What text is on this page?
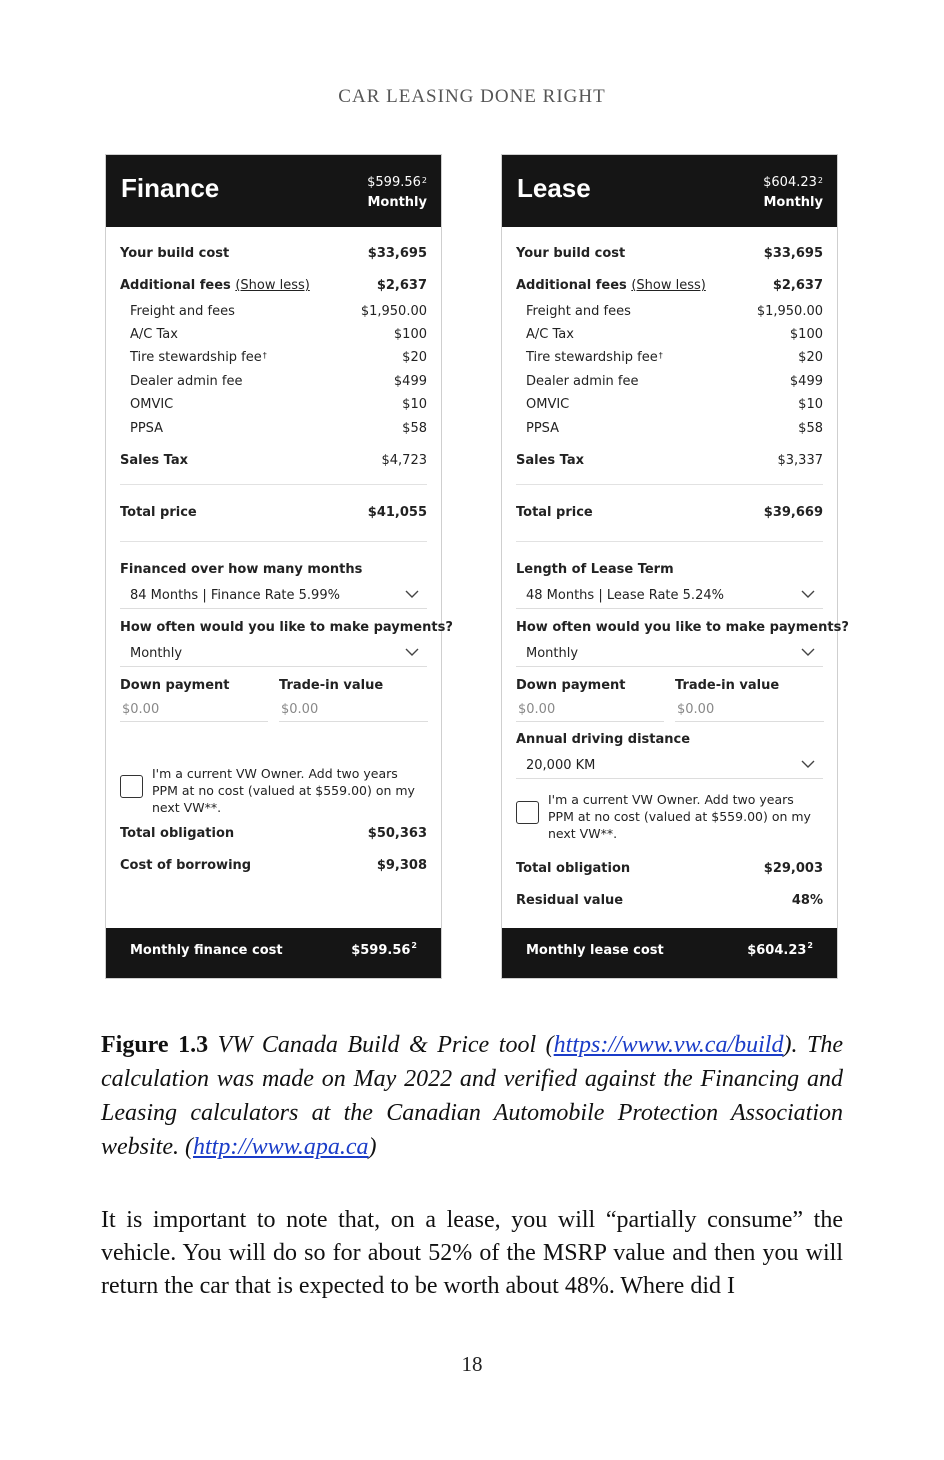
CAR LEASING DONE RIGHT
Finance	$599.56$^2$
Monthly
Your build cost	$33,695
Additional fees (Show less)	$2,637
Freight and fees	$1,950.00
A/C Tax	$100
Tire stewardship fee†	$20
Dealer admin fee	$499
OMVIC	$10
PPSA	$58
Sales Tax	$4,723
Total price	$41,055
Financed over how many months
84 Months | Finance Rate 5.99%
How often would you like to make payments?
Monthly
Down payment	Trade-in value
$0.00	$0.00
I'm a current VW Owner. Add two years PPM at no cost (valued at $559.00) on my next VW**.
Total obligation	$50,363
Cost of borrowing	$9,308
Monthly finance cost	$599.56$^2$
Lease	$604.23$^2$
Monthly
Your build cost	$33,695
Additional fees (Show less)	$2,637
Freight and fees	$1,950.00
A/C Tax	$100
Tire stewardship fee†	$20
Dealer admin fee	$499
OMVIC	$10
PPSA	$58
Sales Tax	$3,337
Total price	$39,669
Length of Lease Term
48 Months | Lease Rate 5.24%
How often would you like to make payments?
Monthly
Down payment	Trade-in value
$0.00	$0.00
Annual driving distance
20,000 KM
I'm a current VW Owner. Add two years PPM at no cost (valued at $559.00) on my next VW**.
Total obligation	$29,003
Residual value	48%
Monthly lease cost	$604.23$^2$
Figure 1.3 VW Canada Build & Price tool (https://www.vw.ca/build). The calculation was made on May 2022 and verified against the Financing and Leasing calculators at the Canadian Automobile Protection Association website. (http://www.apa.ca)
It is important to note that, on a lease, you will “partially consume” the vehicle. You will do so for about 52% of the MSRP value and then you will return the car that is expected to be worth about 48%. Where did I
18
